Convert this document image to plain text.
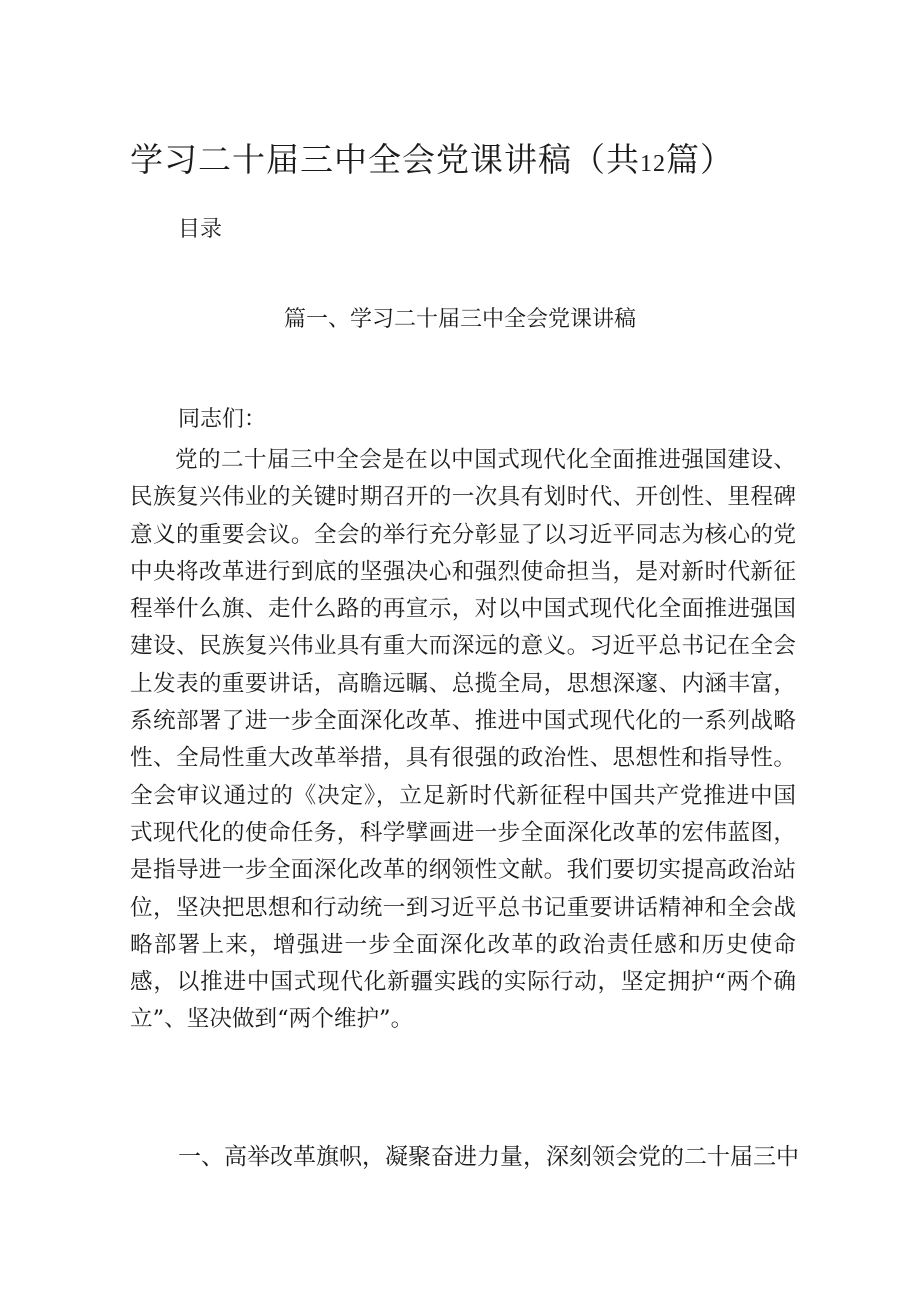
学习二十届三中全会党课讲稿（共12篇）

目录

篇一、学习二十届三中全会党课讲稿

同志们：

党的二十届三中全会是在以中国式现代化全面推进强国建设、民族复兴伟业的关键时期召开的一次具有划时代、开创性、里程碑意义的重要会议。全会的举行充分彰显了以习近平同志为核心的党中央将改革进行到底的坚强决心和强烈使命担当，是对新时代新征程举什么旗、走什么路的再宣示，对以中国式现代化全面推进强国建设、民族复兴伟业具有重大而深远的意义。习近平总书记在全会上发表的重要讲话，高瞻远瞩、总揽全局，思想深邃、内涵丰富，系统部署了进一步全面深化改革、推进中国式现代化的一系列战略性、全局性重大改革举措，具有很强的政治性、思想性和指导性。全会审议通过的《决定》，立足新时代新征程中国共产党推进中国式现代化的使命任务，科学擘画进一步全面深化改革的宏伟蓝图，是指导进一步全面深化改革的纲领性文献。我们要切实提高政治站位，坚决把思想和行动统一到习近平总书记重要讲话精神和全会战略部署上来，增强进一步全面深化改革的政治责任感和历史使命感，以推进中国式现代化新疆实践的实际行动，坚定拥护“两个确立”、坚决做到“两个维护”。

一、高举改革旗帜，凝聚奋进力量，深刻领会党的二十届三中
